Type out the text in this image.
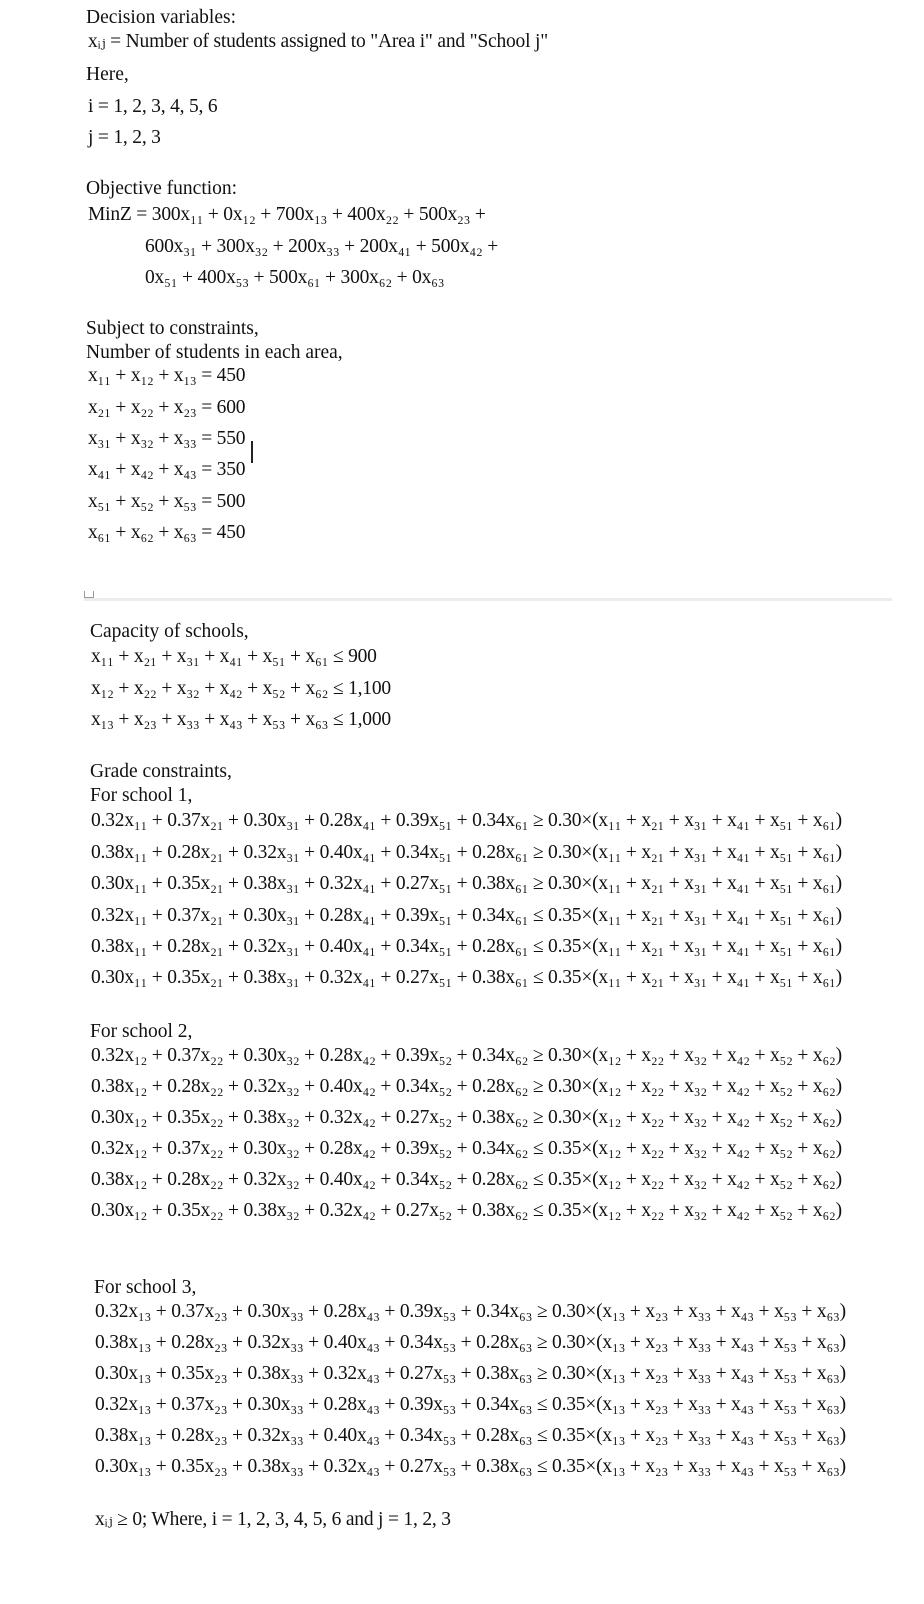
Decision variables:
xᵢⱼ = Number of students assigned to "Area i" and "School j"
Here,
i = 1, 2, 3, 4, 5, 6
j = 1, 2, 3
Objective function:
MinZ = 300x₁₁ + 0x₁₂ + 700x₁₃ + 400x₂₂ + 500x₂₃ +
600x₃₁ + 300x₃₂ + 200x₃₃ + 200x₄₁ + 500x₄₂ +
0x₅₁ + 400x₅₃ + 500x₆₁ + 300x₆₂ + 0x₆₃
Subject to constraints,
Number of students in each area,
x₁₁ + x₁₂ + x₁₃ = 450
x₂₁ + x₂₂ + x₂₃ = 600
x₃₁ + x₃₂ + x₃₃ = 550
x₄₁ + x₄₂ + x₄₃ = 350
x₅₁ + x₅₂ + x₅₃ = 500
x₆₁ + x₆₂ + x₆₃ = 450
Capacity of schools,
x₁₁ + x₂₁ + x₃₁ + x₄₁ + x₅₁ + x₆₁ ≤ 900
x₁₂ + x₂₂ + x₃₂ + x₄₂ + x₅₂ + x₆₂ ≤ 1,100
x₁₃ + x₂₃ + x₃₃ + x₄₃ + x₅₃ + x₆₃ ≤ 1,000
Grade constraints,
For school 1,
0.32x₁₁ + 0.37x₂₁ + 0.30x₃₁ + 0.28x₄₁ + 0.39x₅₁ + 0.34x₆₁ ≥ 0.30×(x₁₁ + x₂₁ + x₃₁ + x₄₁ + x₅₁ + x₆₁)
0.38x₁₁ + 0.28x₂₁ + 0.32x₃₁ + 0.40x₄₁ + 0.34x₅₁ + 0.28x₆₁ ≥ 0.30×(x₁₁ + x₂₁ + x₃₁ + x₄₁ + x₅₁ + x₆₁)
0.30x₁₁ + 0.35x₂₁ + 0.38x₃₁ + 0.32x₄₁ + 0.27x₅₁ + 0.38x₆₁ ≥ 0.30×(x₁₁ + x₂₁ + x₃₁ + x₄₁ + x₅₁ + x₆₁)
0.32x₁₁ + 0.37x₂₁ + 0.30x₃₁ + 0.28x₄₁ + 0.39x₅₁ + 0.34x₆₁ ≤ 0.35×(x₁₁ + x₂₁ + x₃₁ + x₄₁ + x₅₁ + x₆₁)
0.38x₁₁ + 0.28x₂₁ + 0.32x₃₁ + 0.40x₄₁ + 0.34x₅₁ + 0.28x₆₁ ≤ 0.35×(x₁₁ + x₂₁ + x₃₁ + x₄₁ + x₅₁ + x₆₁)
0.30x₁₁ + 0.35x₂₁ + 0.38x₃₁ + 0.32x₄₁ + 0.27x₅₁ + 0.38x₆₁ ≤ 0.35×(x₁₁ + x₂₁ + x₃₁ + x₄₁ + x₅₁ + x₆₁)
For school 2,
0.32x₁₂ + 0.37x₂₂ + 0.30x₃₂ + 0.28x₄₂ + 0.39x₅₂ + 0.34x₆₂ ≥ 0.30×(x₁₂ + x₂₂ + x₃₂ + x₄₂ + x₅₂ + x₆₂)
0.38x₁₂ + 0.28x₂₂ + 0.32x₃₂ + 0.40x₄₂ + 0.34x₅₂ + 0.28x₆₂ ≥ 0.30×(x₁₂ + x₂₂ + x₃₂ + x₄₂ + x₅₂ + x₆₂)
0.30x₁₂ + 0.35x₂₂ + 0.38x₃₂ + 0.32x₄₂ + 0.27x₅₂ + 0.38x₆₂ ≥ 0.30×(x₁₂ + x₂₂ + x₃₂ + x₄₂ + x₅₂ + x₆₂)
0.32x₁₂ + 0.37x₂₂ + 0.30x₃₂ + 0.28x₄₂ + 0.39x₅₂ + 0.34x₆₂ ≤ 0.35×(x₁₂ + x₂₂ + x₃₂ + x₄₂ + x₅₂ + x₆₂)
0.38x₁₂ + 0.28x₂₂ + 0.32x₃₂ + 0.40x₄₂ + 0.34x₅₂ + 0.28x₆₂ ≤ 0.35×(x₁₂ + x₂₂ + x₃₂ + x₄₂ + x₅₂ + x₆₂)
0.30x₁₂ + 0.35x₂₂ + 0.38x₃₂ + 0.32x₄₂ + 0.27x₅₂ + 0.38x₆₂ ≤ 0.35×(x₁₂ + x₂₂ + x₃₂ + x₄₂ + x₅₂ + x₆₂)
For school 3,
0.32x₁₃ + 0.37x₂₃ + 0.30x₃₃ + 0.28x₄₃ + 0.39x₅₃ + 0.34x₆₃ ≥ 0.30×(x₁₃ + x₂₃ + x₃₃ + x₄₃ + x₅₃ + x₆₃)
0.38x₁₃ + 0.28x₂₃ + 0.32x₃₃ + 0.40x₄₃ + 0.34x₅₃ + 0.28x₆₃ ≥ 0.30×(x₁₃ + x₂₃ + x₃₃ + x₄₃ + x₅₃ + x₆₃)
0.30x₁₃ + 0.35x₂₃ + 0.38x₃₃ + 0.32x₄₃ + 0.27x₅₃ + 0.38x₆₃ ≥ 0.30×(x₁₃ + x₂₃ + x₃₃ + x₄₃ + x₅₃ + x₆₃)
0.32x₁₃ + 0.37x₂₃ + 0.30x₃₃ + 0.28x₄₃ + 0.39x₅₃ + 0.34x₆₃ ≤ 0.35×(x₁₃ + x₂₃ + x₃₃ + x₄₃ + x₅₃ + x₆₃)
0.38x₁₃ + 0.28x₂₃ + 0.32x₃₃ + 0.40x₄₃ + 0.34x₅₃ + 0.28x₆₃ ≤ 0.35×(x₁₃ + x₂₃ + x₃₃ + x₄₃ + x₅₃ + x₆₃)
0.30x₁₃ + 0.35x₂₃ + 0.38x₃₃ + 0.32x₄₃ + 0.27x₅₃ + 0.38x₆₃ ≤ 0.35×(x₁₃ + x₂₃ + x₃₃ + x₄₃ + x₅₃ + x₆₃)
xᵢⱼ ≥ 0; Where, i = 1, 2, 3, 4, 5, 6 and j = 1, 2, 3
